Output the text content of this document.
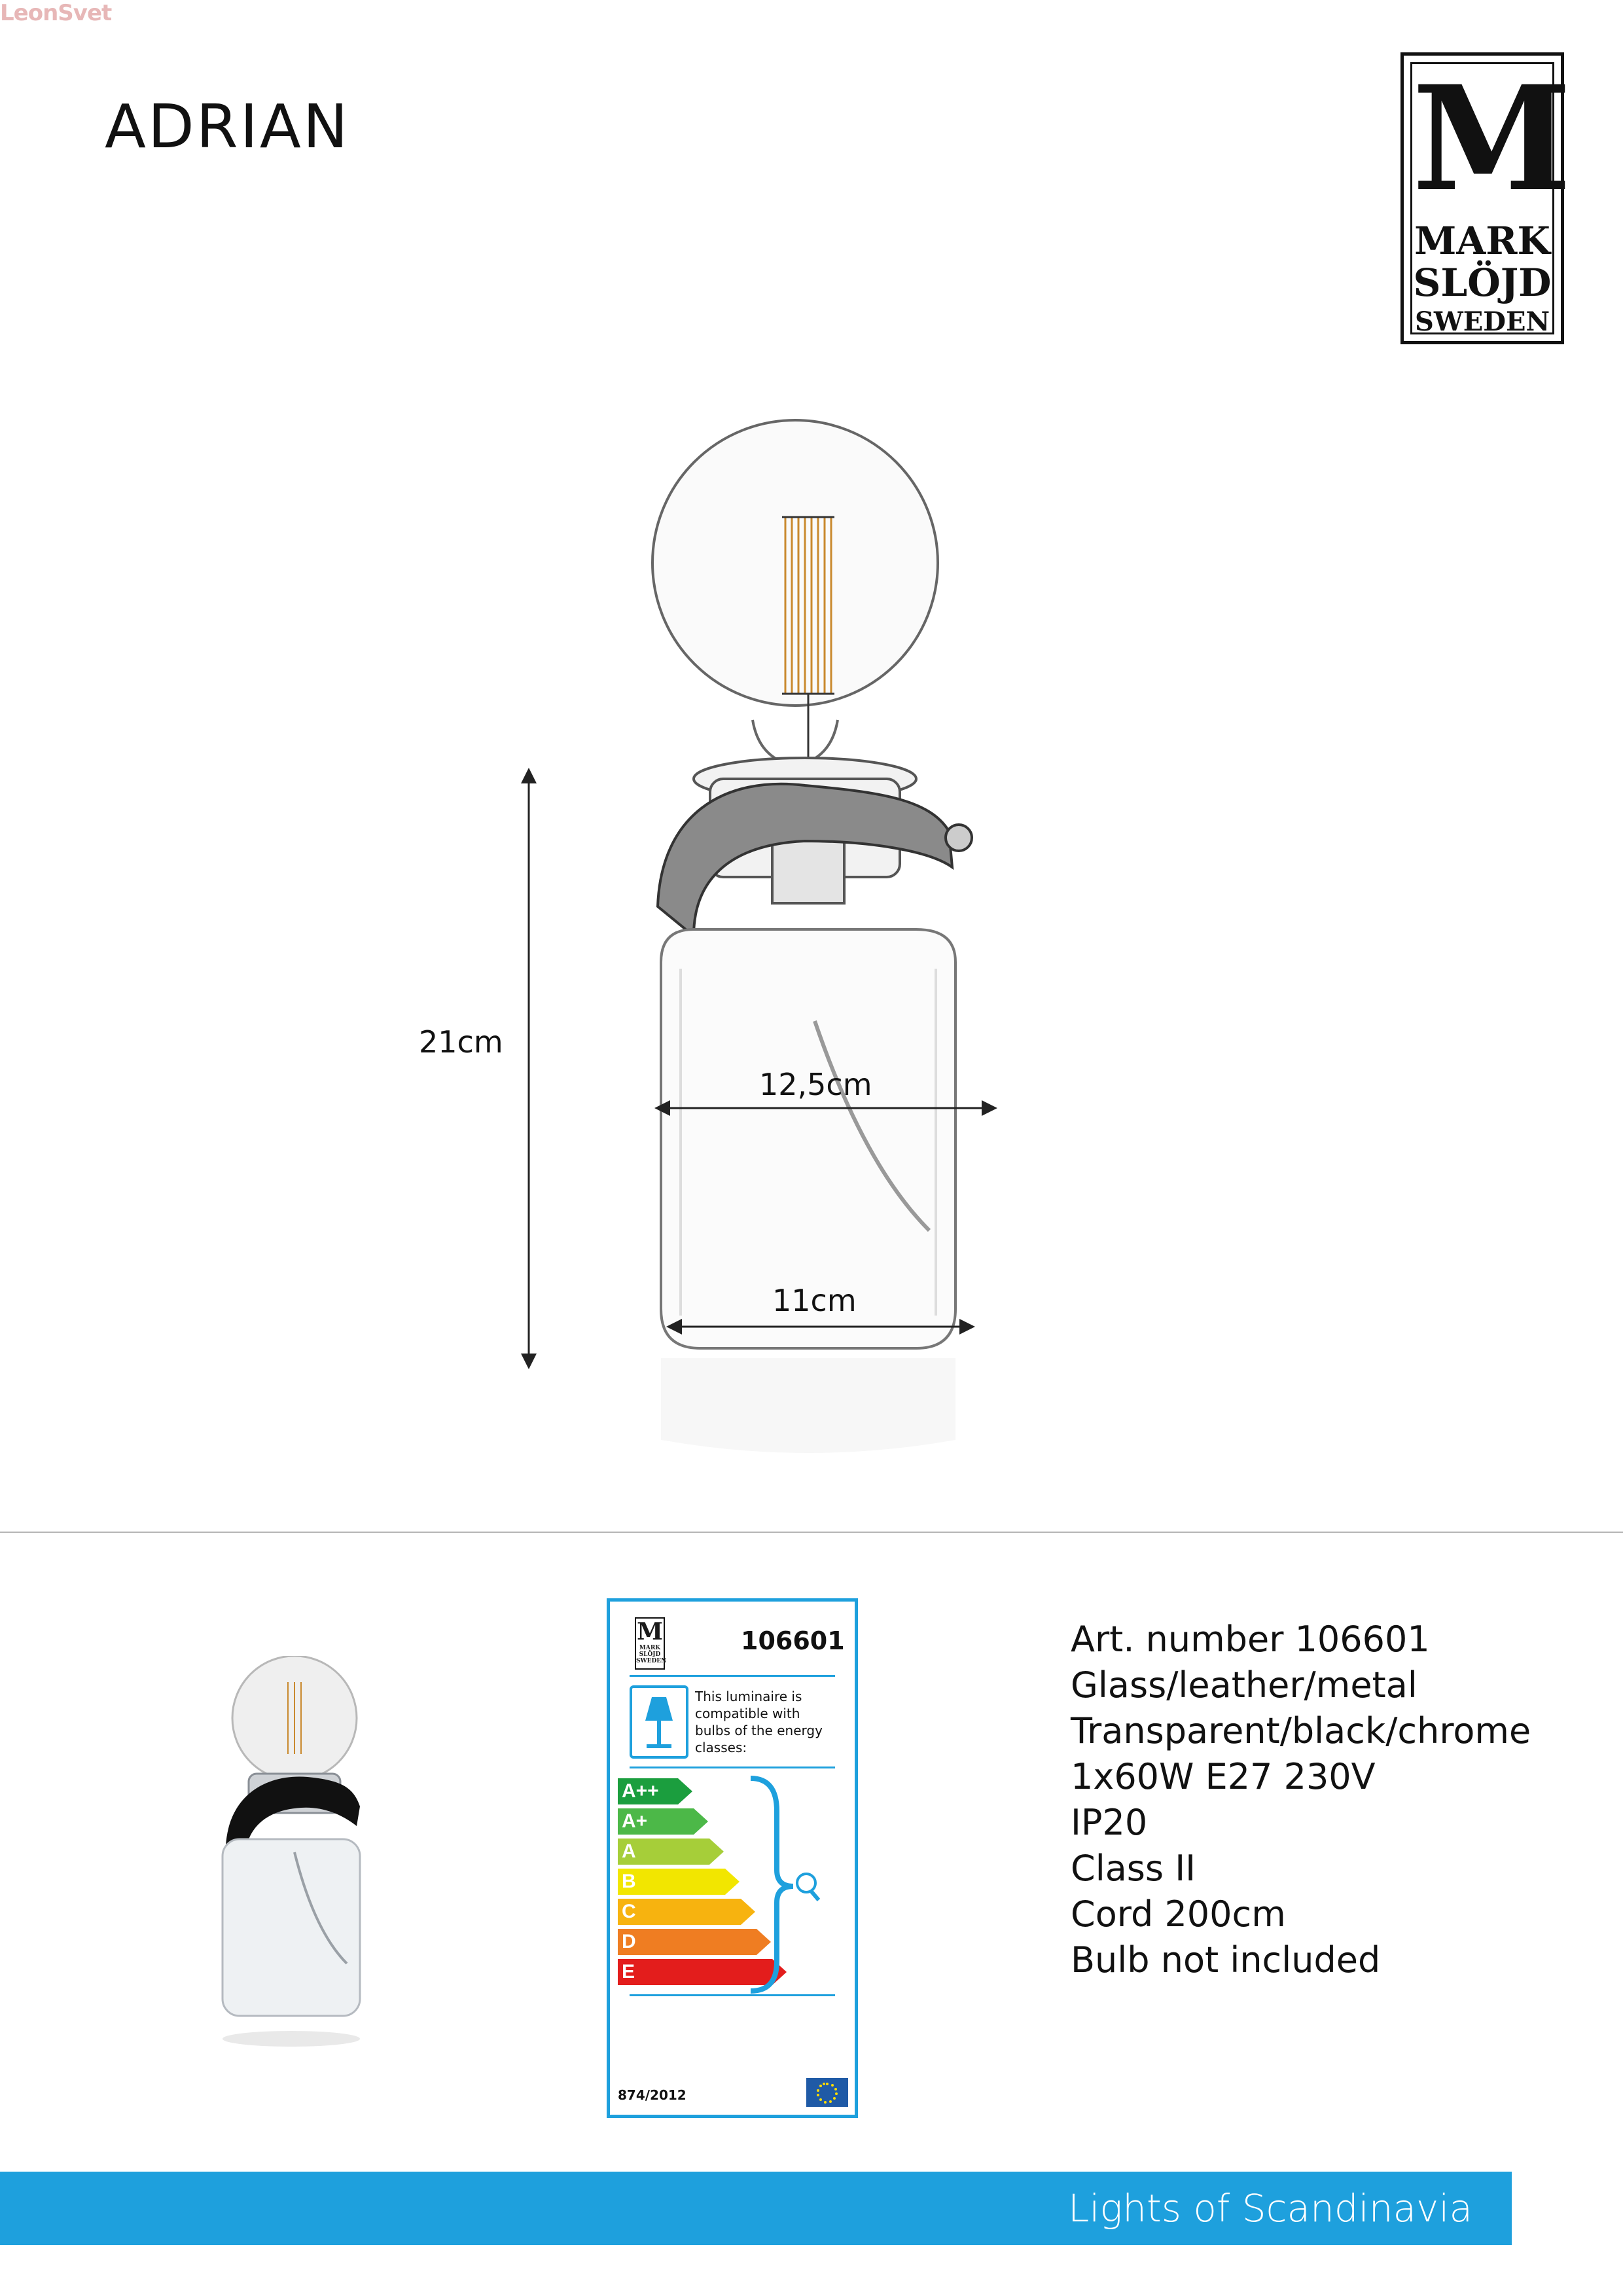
LeonSvet
ADRIAN	M
MARK
SLÖJD
SWEDEN
21cm
12,5cm
11cm
M
MARK
SLÖJD
SWEDEN
106601
This luminaire is compatible with bulbs of the energy classes:
A++
A+
A
B
C
D
E
874/2012
Art. number 106601
Glass/leather/metal
Transparent/black/chrome
1x60W E27 230V
IP20
Class II
Cord 200cm
Bulb not included
Lights of Scandinavia
